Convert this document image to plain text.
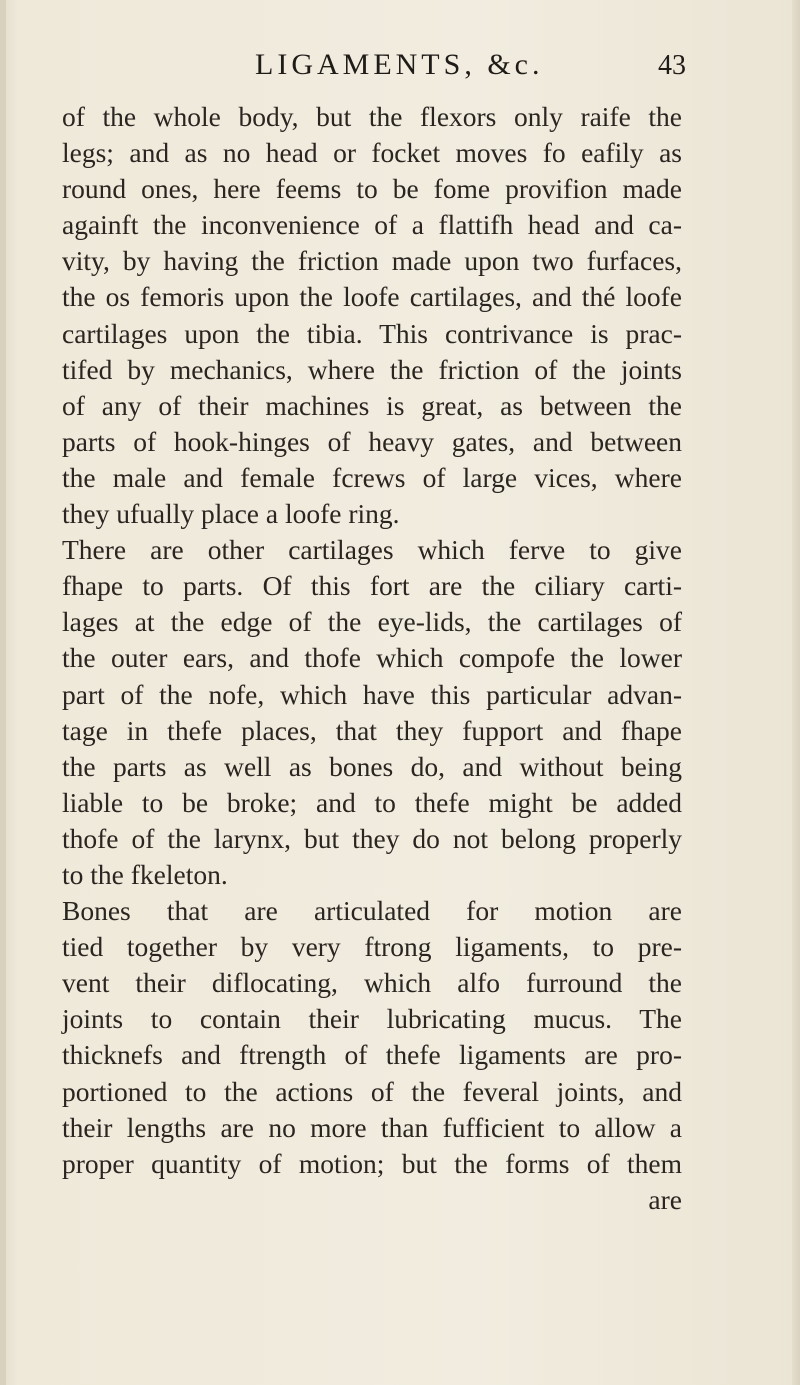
LIGAMENTS, &c.	43
of the whole body, but the flexors only raife the
legs; and as no head or focket moves fo eafily as
round ones, here feems to be fome provifion made
againft the inconvenience of a flattifh head and ca-
vity, by having the friction made upon two furfaces,
the os femoris upon the loofe cartilages, and thé loofe
cartilages upon the tibia. This contrivance is prac-
tifed by mechanics, where the friction of the joints
of any of their machines is great, as between the
parts of hook-hinges of heavy gates, and between
the male and female fcrews of large vices, where
they ufually place a loofe ring.
There are other cartilages which ferve to give
fhape to parts. Of this fort are the ciliary carti-
lages at the edge of the eye-lids, the cartilages of
the outer ears, and thofe which compofe the lower
part of the nofe, which have this particular advan-
tage in thefe places, that they fupport and fhape
the parts as well as bones do, and without being
liable to be broke; and to thefe might be added
thofe of the larynx, but they do not belong properly
to the fkeleton.
Bones that are articulated for motion are
tied together by very ftrong ligaments, to pre-
vent their diflocating, which alfo furround the
joints to contain their lubricating mucus. The
thicknefs and ftrength of thefe ligaments are pro-
portioned to the actions of the feveral joints, and
their lengths are no more than fufficient to allow a
proper quantity of motion; but the forms of them
are
